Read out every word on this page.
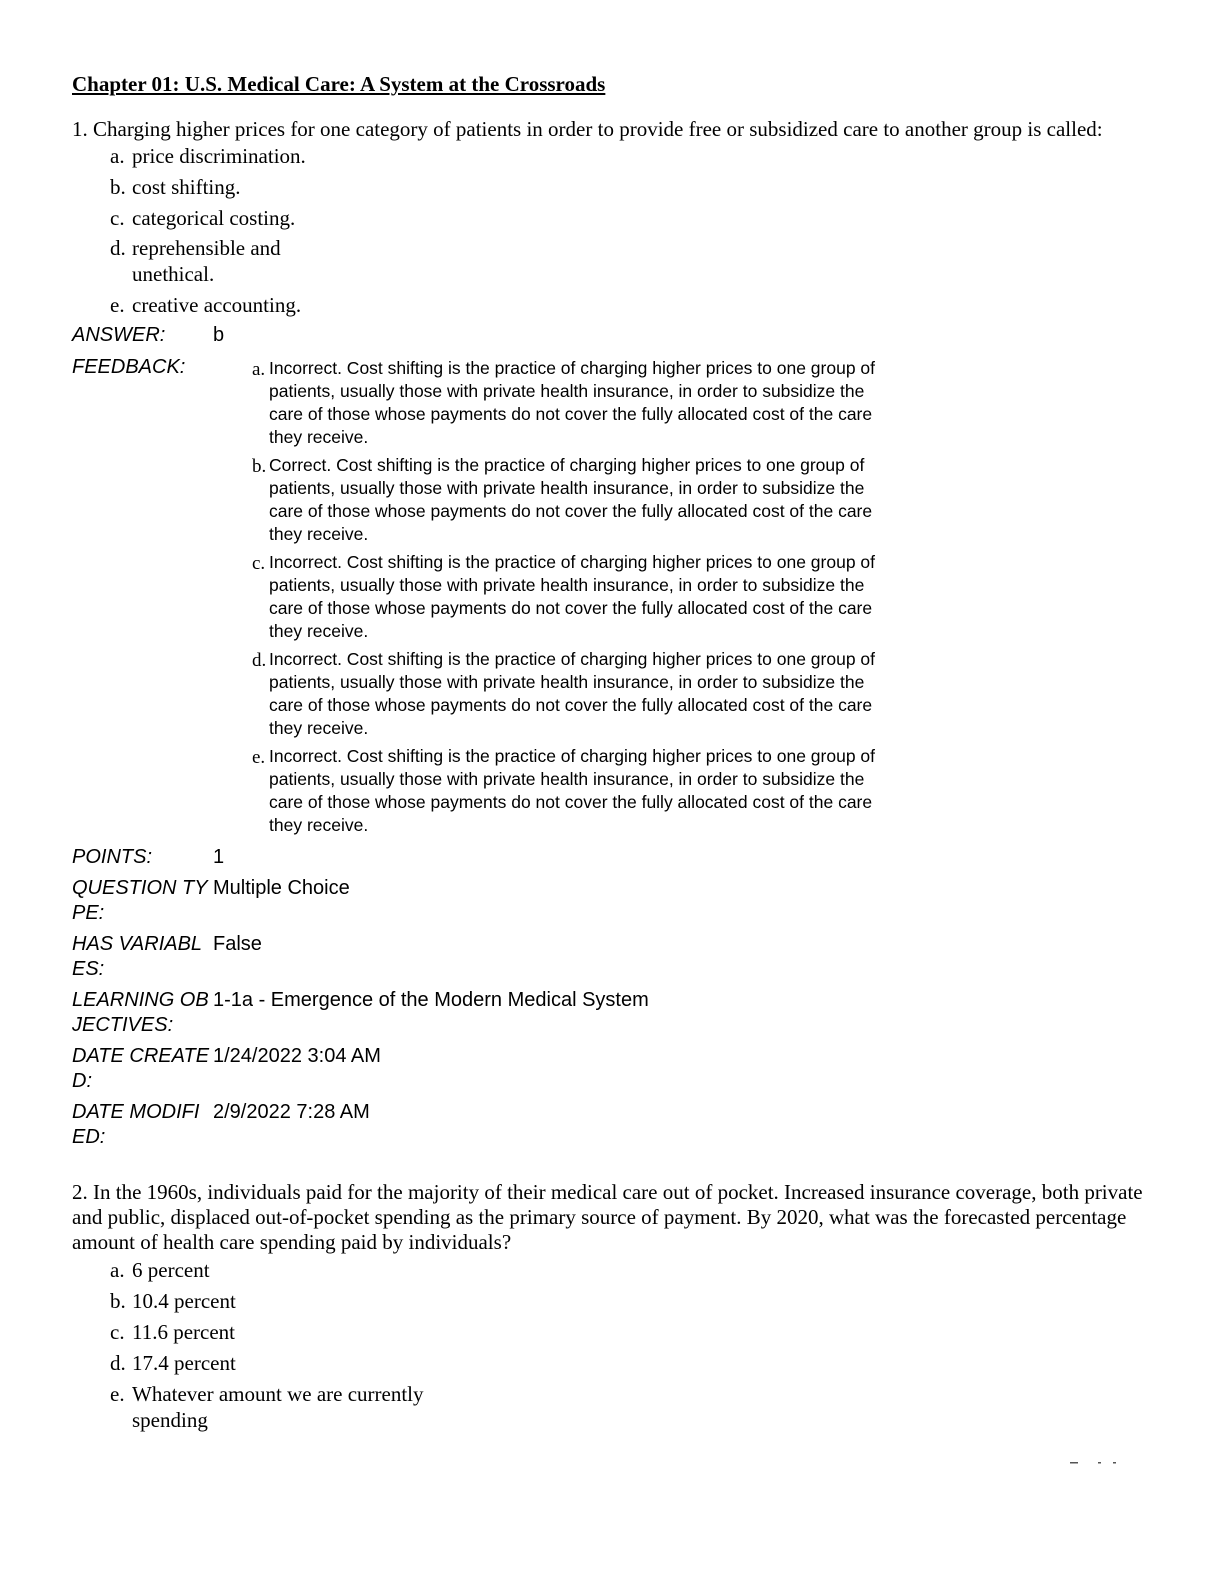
Chapter 01: U.S. Medical Care: A System at the Crossroads
1. Charging higher prices for one category of patients in order to provide free or subsidized care to another group is called:
a. price discrimination.
b. cost shifting.
c. categorical costing.
d. reprehensible and unethical.
e. creative accounting.
ANSWER:	b
FEEDBACK:	a. Incorrect. Cost shifting is the practice of charging higher prices to one group of patients, usually those with private health insurance, in order to subsidize the care of those whose payments do not cover the fully allocated cost of the care they receive.
b. Correct. Cost shifting is the practice of charging higher prices to one group of patients, usually those with private health insurance, in order to subsidize the care of those whose payments do not cover the fully allocated cost of the care they receive.
c. Incorrect. Cost shifting is the practice of charging higher prices to one group of patients, usually those with private health insurance, in order to subsidize the care of those whose payments do not cover the fully allocated cost of the care they receive.
d. Incorrect. Cost shifting is the practice of charging higher prices to one group of patients, usually those with private health insurance, in order to subsidize the care of those whose payments do not cover the fully allocated cost of the care they receive.
e. Incorrect. Cost shifting is the practice of charging higher prices to one group of patients, usually those with private health insurance, in order to subsidize the care of those whose payments do not cover the fully allocated cost of the care they receive.
POINTS:	1
QUESTION TYPE:
Multiple Choice
HAS VARIABLES:
False
LEARNING OBJECTIVES:
1-1a - Emergence of the Modern Medical System
DATE CREATED:
1/24/2022 3:04 AM
DATE MODIFIED:
2/9/2022 7:28 AM
2. In the 1960s, individuals paid for the majority of their medical care out of pocket. Increased insurance coverage, both private and public, displaced out-of-pocket spending as the primary source of payment. By 2020, what was the forecasted percentage amount of health care spending paid by individuals?
a. 6 percent
b. 10.4 percent
c. 11.6 percent
d. 17.4 percent
e. Whatever amount we are currently spending
